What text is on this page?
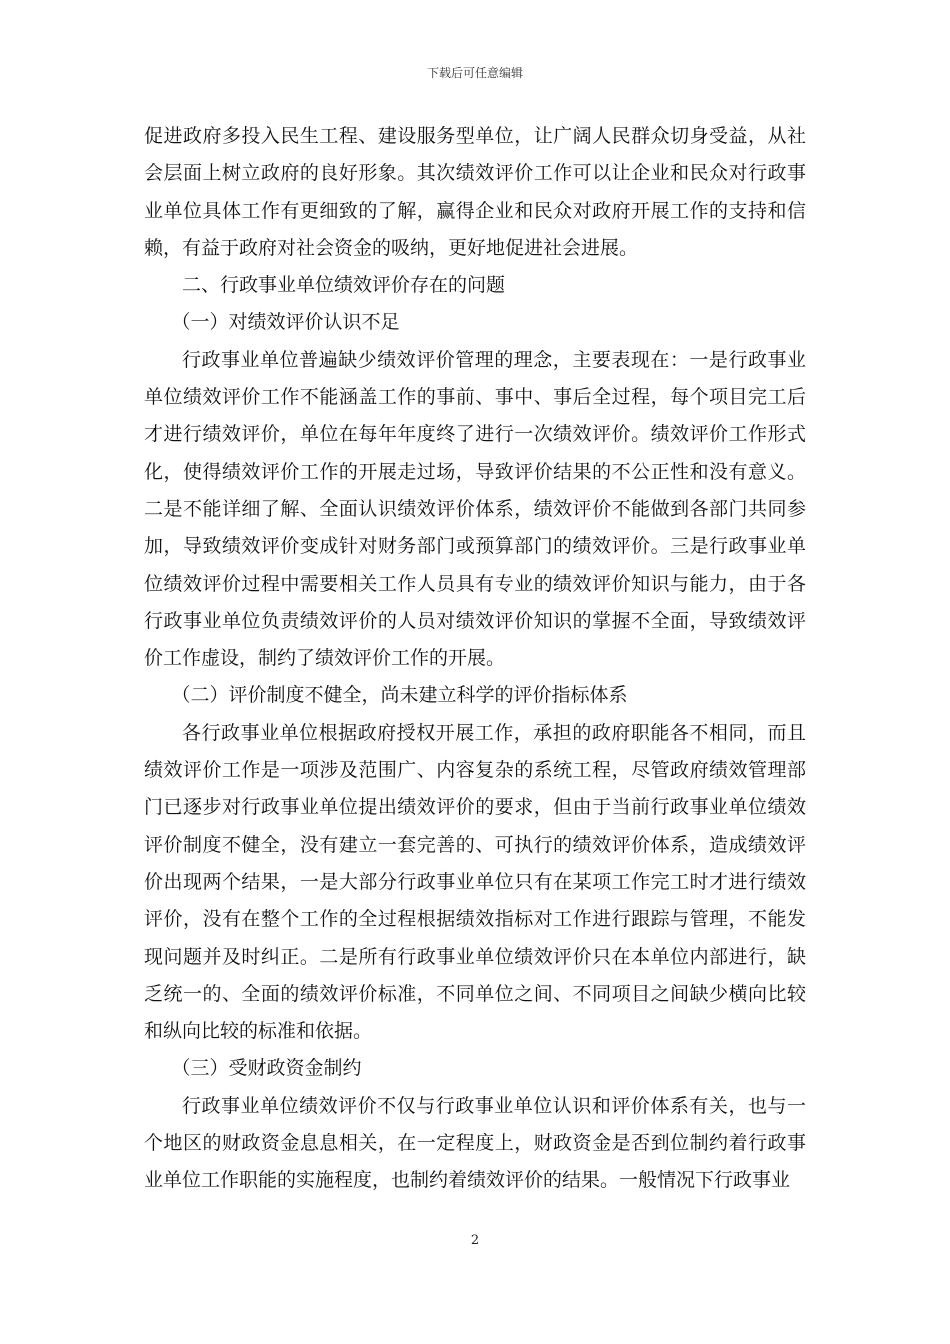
下载后可任意编辑

促进政府多投入民生工程、建设服务型单位，让广阔人民群众切身受益，从社会层面上树立政府的良好形象。其次绩效评价工作可以让企业和民众对行政事业单位具体工作有更细致的了解，赢得企业和民众对政府开展工作的支持和信赖，有益于政府对社会资金的吸纳，更好地促进社会进展。

二、行政事业单位绩效评价存在的问题

（一）对绩效评价认识不足

行政事业单位普遍缺少绩效评价管理的理念，主要表现在：一是行政事业单位绩效评价工作不能涵盖工作的事前、事中、事后全过程，每个项目完工后才进行绩效评价，单位在每年年度终了进行一次绩效评价。绩效评价工作形式化，使得绩效评价工作的开展走过场，导致评价结果的不公正性和没有意义。二是不能详细了解、全面认识绩效评价体系，绩效评价不能做到各部门共同参加，导致绩效评价变成针对财务部门或预算部门的绩效评价。三是行政事业单位绩效评价过程中需要相关工作人员具有专业的绩效评价知识与能力，由于各行政事业单位负责绩效评价的人员对绩效评价知识的掌握不全面，导致绩效评价工作虚设，制约了绩效评价工作的开展。

（二）评价制度不健全，尚未建立科学的评价指标体系

各行政事业单位根据政府授权开展工作，承担的政府职能各不相同，而且绩效评价工作是一项涉及范围广、内容复杂的系统工程，尽管政府绩效管理部门已逐步对行政事业单位提出绩效评价的要求，但由于当前行政事业单位绩效评价制度不健全，没有建立一套完善的、可执行的绩效评价体系，造成绩效评价出现两个结果，一是大部分行政事业单位只有在某项工作完工时才进行绩效评价，没有在整个工作的全过程根据绩效指标对工作进行跟踪与管理，不能发现问题并及时纠正。二是所有行政事业单位绩效评价只在本单位内部进行，缺乏统一的、全面的绩效评价标准，不同单位之间、不同项目之间缺少横向比较和纵向比较的标准和依据。

（三）受财政资金制约

行政事业单位绩效评价不仅与行政事业单位认识和评价体系有关，也与一个地区的财政资金息息相关，在一定程度上，财政资金是否到位制约着行政事业单位工作职能的实施程度，也制约着绩效评价的结果。一般情况下行政事业

2
